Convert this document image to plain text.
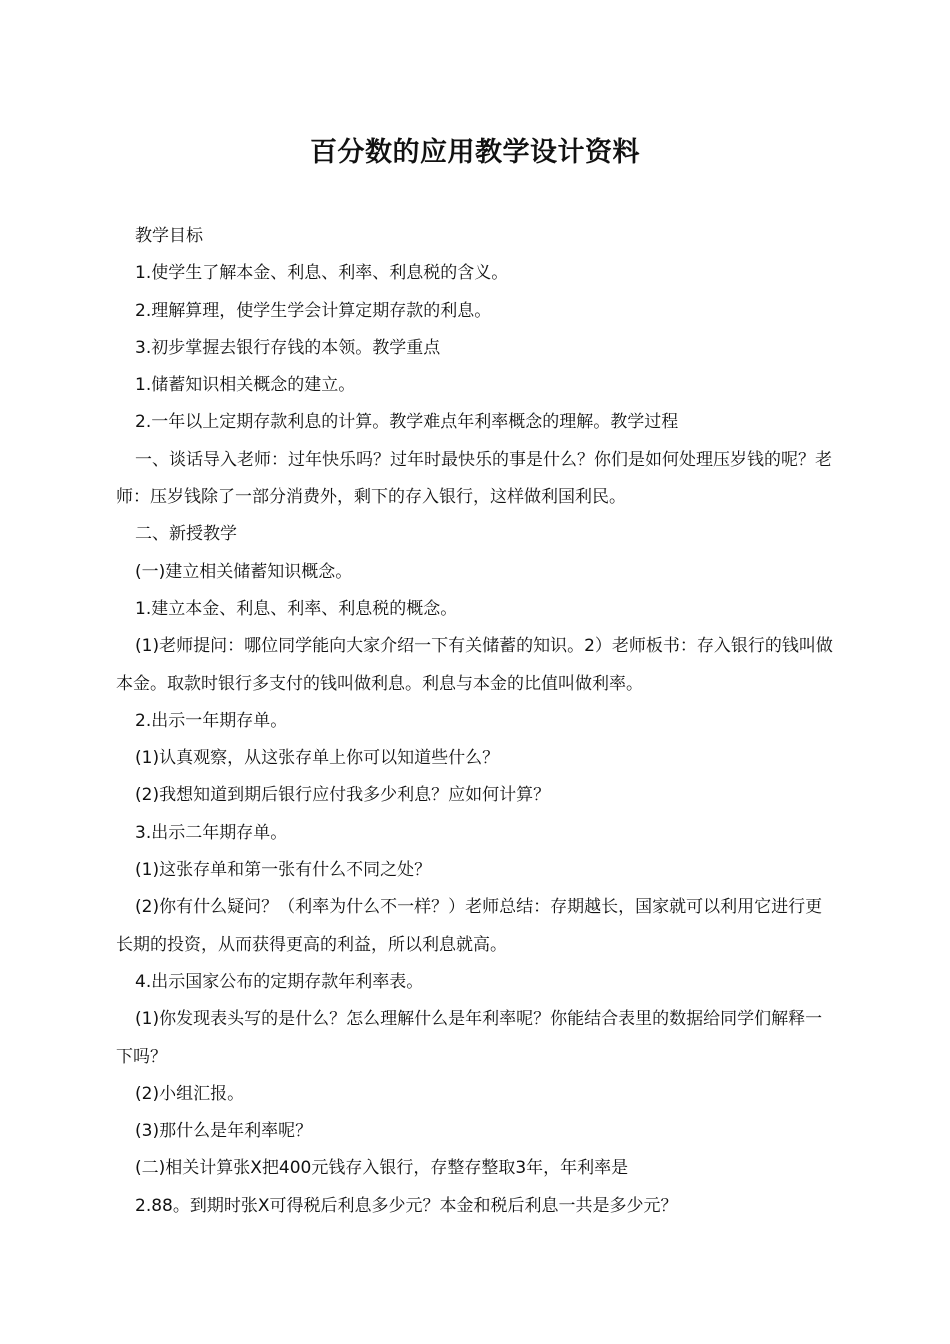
百分数的应用教学设计资料

教学目标

1.使学生了解本金、利息、利率、利息税的含义。

2.理解算理，使学生学会计算定期存款的利息。

3.初步掌握去银行存钱的本领。教学重点

1.储蓄知识相关概念的建立。

2.一年以上定期存款利息的计算。教学难点年利率概念的理解。教学过程

一、谈话导入老师：过年快乐吗？过年时最快乐的事是什么？你们是如何处理压岁钱的呢？老师：压岁钱除了一部分消费外，剩下的存入银行，这样做利国利民。

二、新授教学

(一)建立相关储蓄知识概念。

1.建立本金、利息、利率、利息税的概念。

(1)老师提问：哪位同学能向大家介绍一下有关储蓄的知识。2）老师板书：存入银行的钱叫做本金。取款时银行多支付的钱叫做利息。利息与本金的比值叫做利率。

2.出示一年期存单。

(1)认真观察，从这张存单上你可以知道些什么？

(2)我想知道到期后银行应付我多少利息？应如何计算？

3.出示二年期存单。

(1)这张存单和第一张有什么不同之处？

(2)你有什么疑问？（利率为什么不一样？）老师总结：存期越长，国家就可以利用它进行更长期的投资，从而获得更高的利益，所以利息就高。

4.出示国家公布的定期存款年利率表。

(1)你发现表头写的是什么？怎么理解什么是年利率呢？你能结合表里的数据给同学们解释一下吗？

(2)小组汇报。

(3)那什么是年利率呢？

(二)相关计算张X把400元钱存入银行，存整存整取3年，年利率是

2.88。到期时张X可得税后利息多少元？本金和税后利息一共是多少元？
